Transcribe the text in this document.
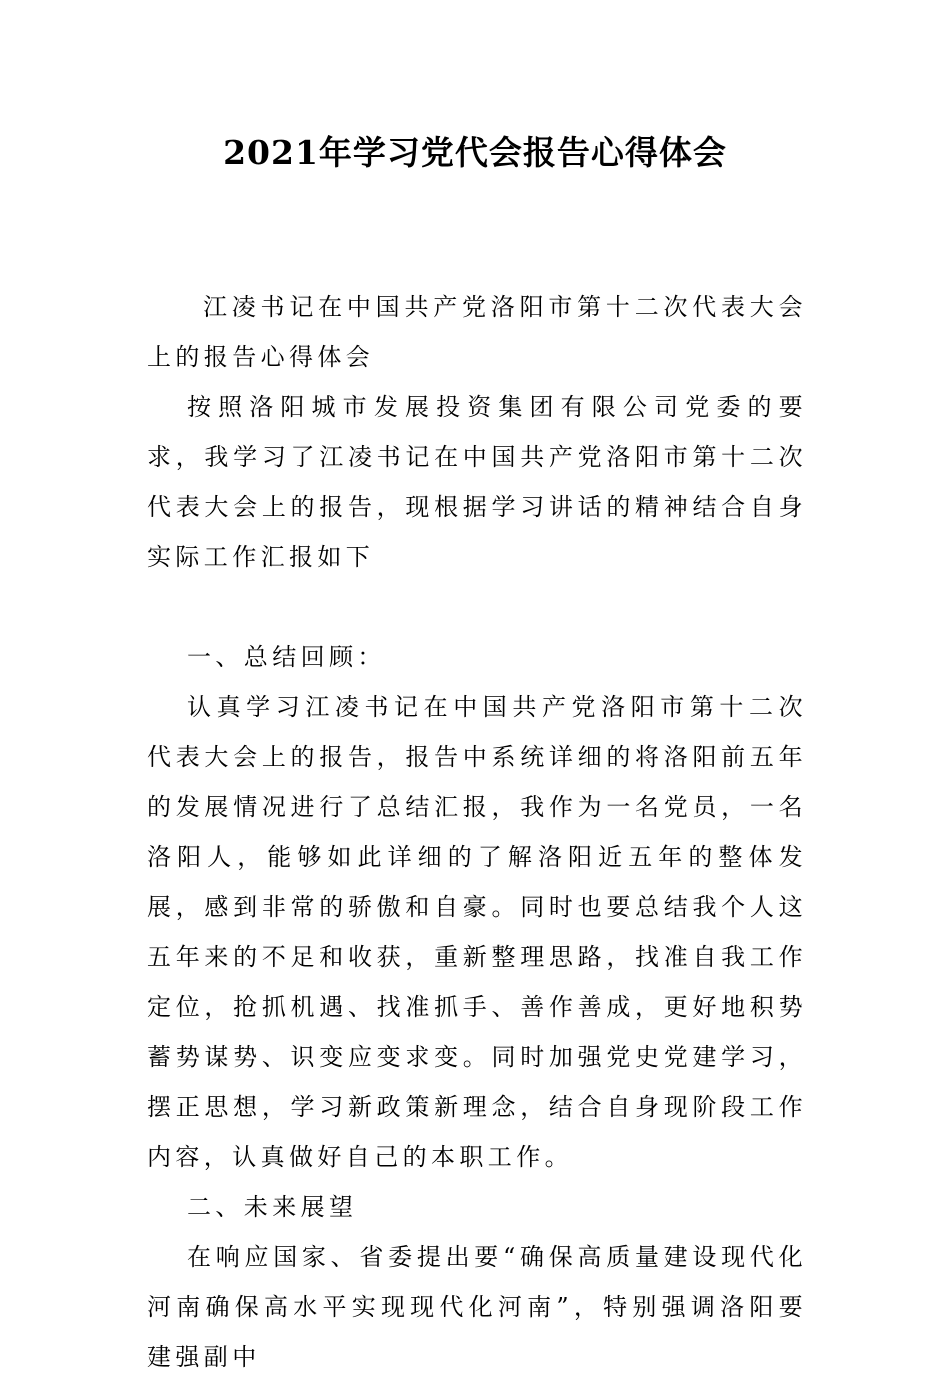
2021年学习党代会报告心得体会

江凌书记在中国共产党洛阳市第十二次代表大会上的报告心得体会

按照洛阳城市发展投资集团有限公司党委的要求，我学习了江凌书记在中国共产党洛阳市第十二次代表大会上的报告，现根据学习讲话的精神结合自身实际工作汇报如下

一、总结回顾：

认真学习江凌书记在中国共产党洛阳市第十二次代表大会上的报告，报告中系统详细的将洛阳前五年的发展情况进行了总结汇报，我作为一名党员，一名洛阳人，能够如此详细的了解洛阳近五年的整体发展，感到非常的骄傲和自豪。同时也要总结我个人这五年来的不足和收获，重新整理思路，找准自我工作定位，抢抓机遇、找准抓手、善作善成，更好地积势蓄势谋势、识变应变求变。同时加强党史党建学习，摆正思想，学习新政策新理念，结合自身现阶段工作内容，认真做好自己的本职工作。

二、未来展望

在响应国家、省委提出要“确保高质量建设现代化河南确保高水平实现现代化河南”，特别强调洛阳要建强副中
